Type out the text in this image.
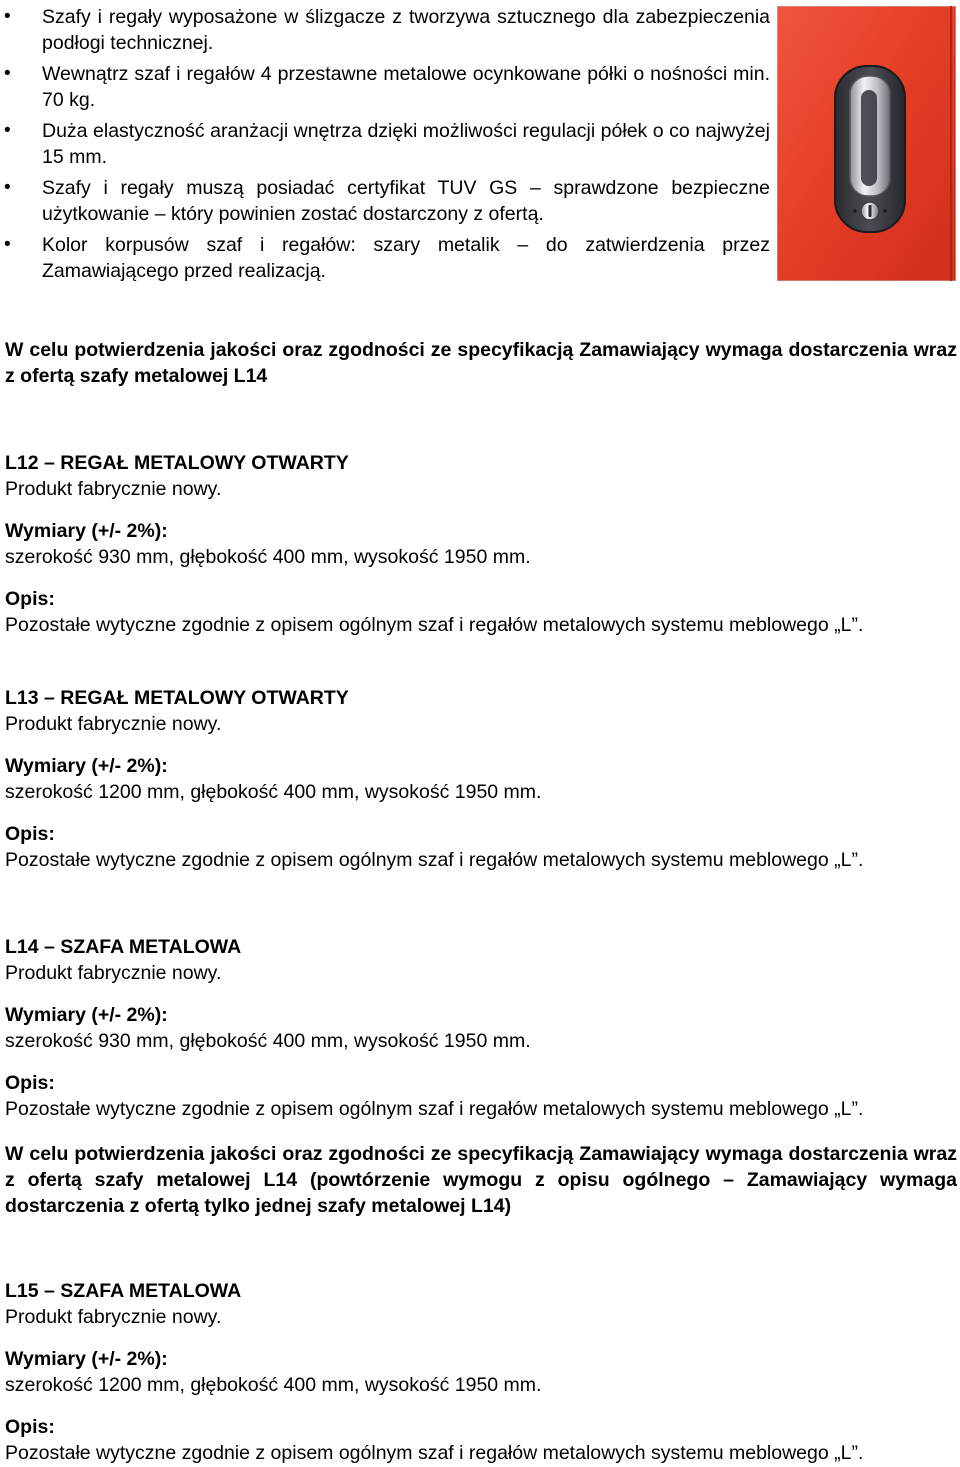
• Szafy i regały wyposażone w ślizgacze z tworzywa sztucznego dla zabezpieczenia podłogi technicznej.
• Wewnątrz szaf i regałów 4 przestawne metalowe ocynkowane półki o nośności min. 70 kg.
• Duża elastyczność aranżacji wnętrza dzięki możliwości regulacji półek o co najwyżej 15 mm.
• Szafy i regały muszą posiadać certyfikat TUV GS – sprawdzone bezpieczne użytkowanie – który powinien zostać dostarczony z ofertą.
• Kolor korpusów szaf i regałów: szary metalik – do zatwierdzenia przez Zamawiającego przed realizacją.

W celu potwierdzenia jakości oraz zgodności ze specyfikacją Zamawiający wymaga dostarczenia wraz z ofertą szafy metalowej L14

L12 – REGAŁ METALOWY OTWARTY

Produkt fabrycznie nowy.

Wymiary (+/- 2%):

szerokość 930 mm, głębokość 400 mm, wysokość 1950 mm.

Opis:

Pozostałe wytyczne zgodnie z opisem ogólnym szaf i regałów metalowych systemu meblowego „L”.

L13 – REGAŁ METALOWY OTWARTY

Produkt fabrycznie nowy.

Wymiary (+/- 2%):

szerokość 1200 mm, głębokość 400 mm, wysokość 1950 mm.

Opis:

Pozostałe wytyczne zgodnie z opisem ogólnym szaf i regałów metalowych systemu meblowego „L”.

L14 – SZAFA METALOWA

Produkt fabrycznie nowy.

Wymiary (+/- 2%):

szerokość 930 mm, głębokość 400 mm, wysokość 1950 mm.

Opis:

Pozostałe wytyczne zgodnie z opisem ogólnym szaf i regałów metalowych systemu meblowego „L”.

W celu potwierdzenia jakości oraz zgodności ze specyfikacją Zamawiający wymaga dostarczenia wraz z ofertą szafy metalowej L14 (powtórzenie wymogu z opisu ogólnego – Zamawiający wymaga dostarczenia z ofertą tylko jednej szafy metalowej L14)

L15 – SZAFA METALOWA

Produkt fabrycznie nowy.

Wymiary (+/- 2%):

szerokość 1200 mm, głębokość 400 mm, wysokość 1950 mm.

Opis:

Pozostałe wytyczne zgodnie z opisem ogólnym szaf i regałów metalowych systemu meblowego „L”.
